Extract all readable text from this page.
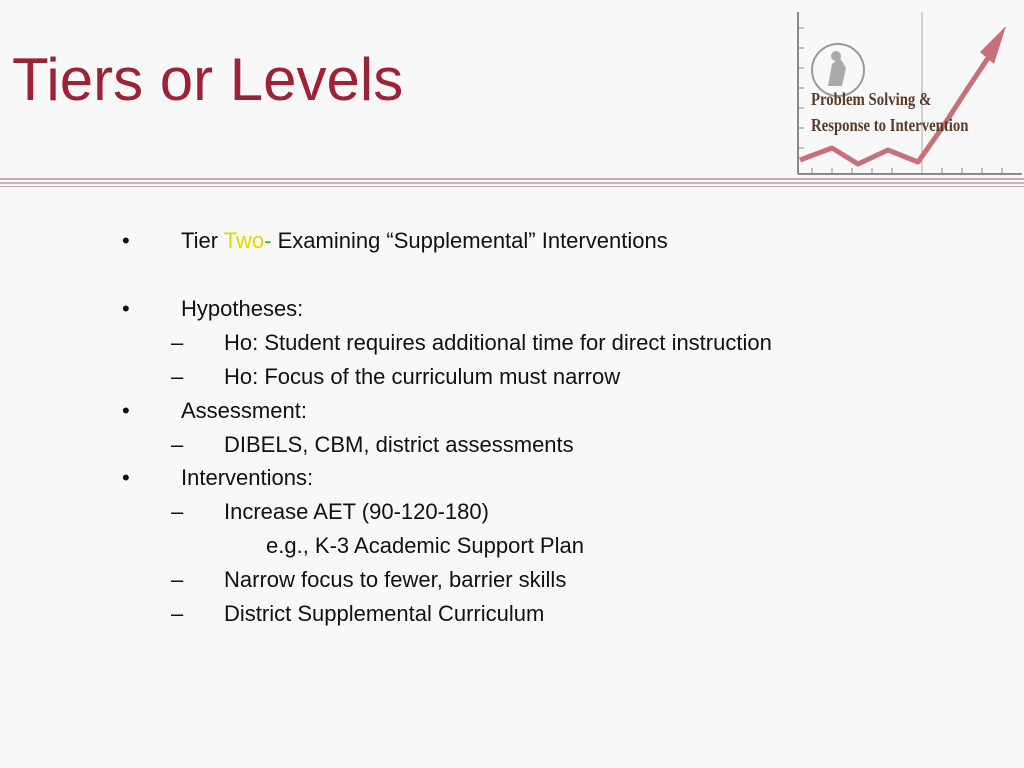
Tiers or Levels	Problem Solving &
Response to Intervention
• Tier Two- Examining “Supplemental” Interventions
• Hypotheses:
– Ho: Student requires additional time for direct instruction
– Ho: Focus of the curriculum must narrow
• Assessment:
– DIBELS, CBM, district assessments
• Interventions:
– Increase AET (90-120-180)
e.g., K-3 Academic Support Plan
– Narrow focus to fewer, barrier skills
– District Supplemental Curriculum
